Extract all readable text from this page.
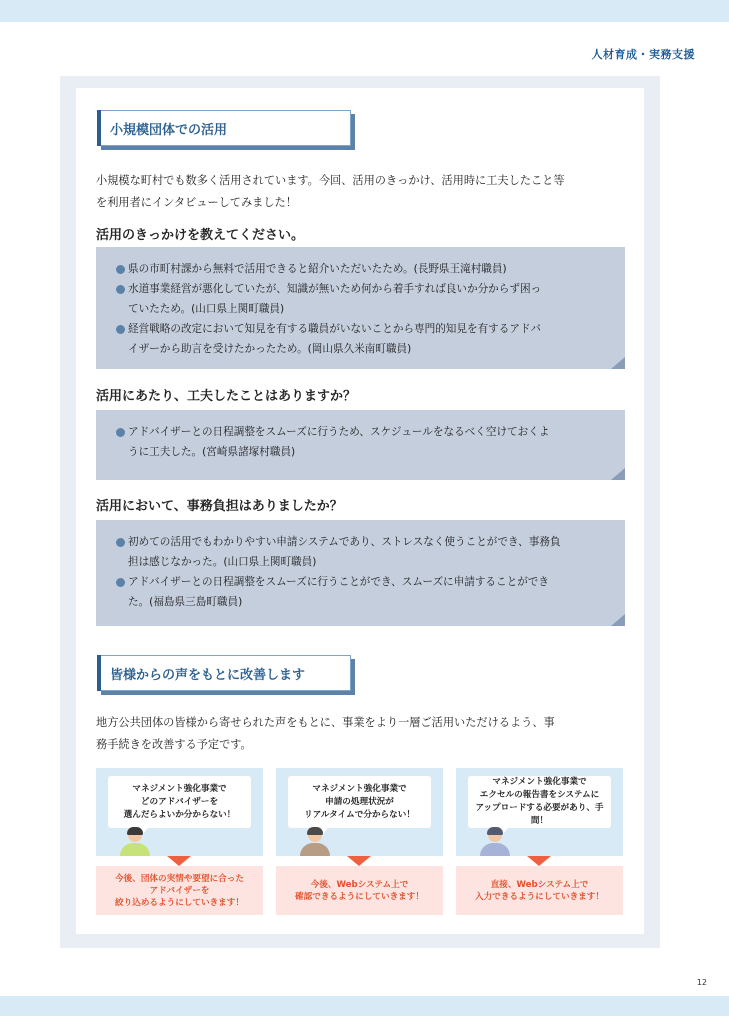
人材育成・実務支援
小規模団体での活用
小規模な町村でも数多く活用されています。今回、活用のきっかけ、活用時に工夫したこと等
を利用者にインタビューしてみました！
活用のきっかけを教えてください。
県の市町村課から無料で活用できると紹介いただいたため。(長野県王滝村職員)
水道事業経営が悪化していたが、知識が無いため何から着手すれば良いか分からず困っ
ていたため。(山口県上関町職員)
経営戦略の改定において知見を有する職員がいないことから専門的知見を有するアドバ
イザーから助言を受けたかったため。(岡山県久米南町職員)
活用にあたり、工夫したことはありますか？
アドバイザーとの日程調整をスムーズに行うため、スケジュールをなるべく空けておくよ
うに工夫した。(宮崎県諸塚村職員)
活用において、事務負担はありましたか？
初めての活用でもわかりやすい申請システムであり、ストレスなく使うことができ、事務負
担は感じなかった。(山口県上関町職員)
アドバイザーとの日程調整をスムーズに行うことができ、スムーズに申請することができ
た。(福島県三島町職員)
皆様からの声をもとに改善します
地方公共団体の皆様から寄せられた声をもとに、事業をより一層ご活用いただけるよう、事
務手続きを改善する予定です。
マネジメント強化事業で
どのアドバイザーを
選んだらよいか分からない！
今後、団体の実情や要望に合った
アドバイザーを
絞り込めるようにしていきます！
マネジメント強化事業で
申請の処理状況が
リアルタイムで分からない！
今後、Webシステム上で
確認できるようにしていきます！
マネジメント強化事業で
エクセルの報告書をシステムに
アップロードする必要があり、手間！
直接、Webシステム上で
入力できるようにしていきます！
12
